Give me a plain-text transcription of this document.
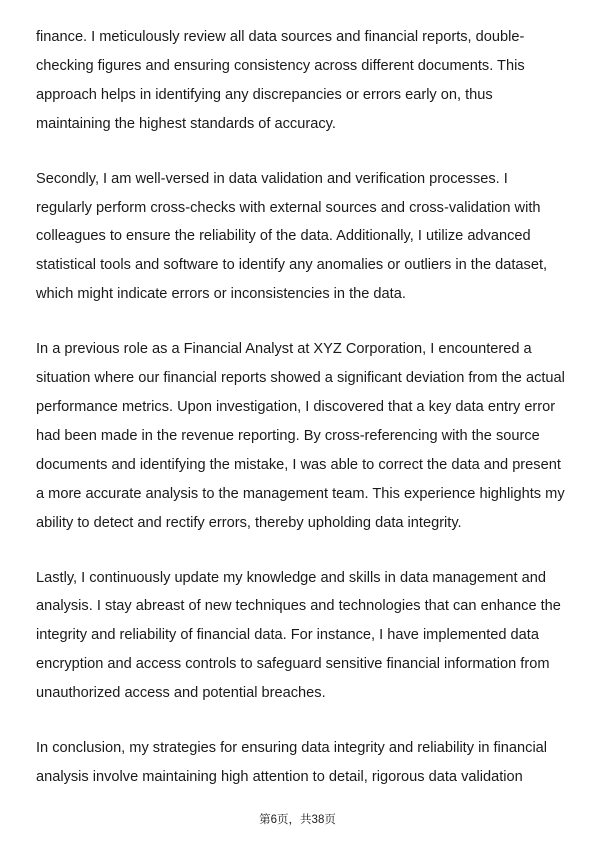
finance. I meticulously review all data sources and financial reports, double-
checking figures and ensuring consistency across different documents. This
approach helps in identifying any discrepancies or errors early on, thus
maintaining the highest standards of accuracy.

Secondly, I am well-versed in data validation and verification processes. I
regularly perform cross-checks with external sources and cross-validation with
colleagues to ensure the reliability of the data. Additionally, I utilize advanced
statistical tools and software to identify any anomalies or outliers in the dataset,
which might indicate errors or inconsistencies in the data.

In a previous role as a Financial Analyst at XYZ Corporation, I encountered a
situation where our financial reports showed a significant deviation from the actual
performance metrics. Upon investigation, I discovered that a key data entry error
had been made in the revenue reporting. By cross-referencing with the source
documents and identifying the mistake, I was able to correct the data and present
a more accurate analysis to the management team. This experience highlights my
ability to detect and rectify errors, thereby upholding data integrity.

Lastly, I continuously update my knowledge and skills in data management and
analysis. I stay abreast of new techniques and technologies that can enhance the
integrity and reliability of financial data. For instance, I have implemented data
encryption and access controls to safeguard sensitive financial information from
unauthorized access and potential breaches.

In conclusion, my strategies for ensuring data integrity and reliability in financial
analysis involve maintaining high attention to detail, rigorous data validation

第6页，共38页
